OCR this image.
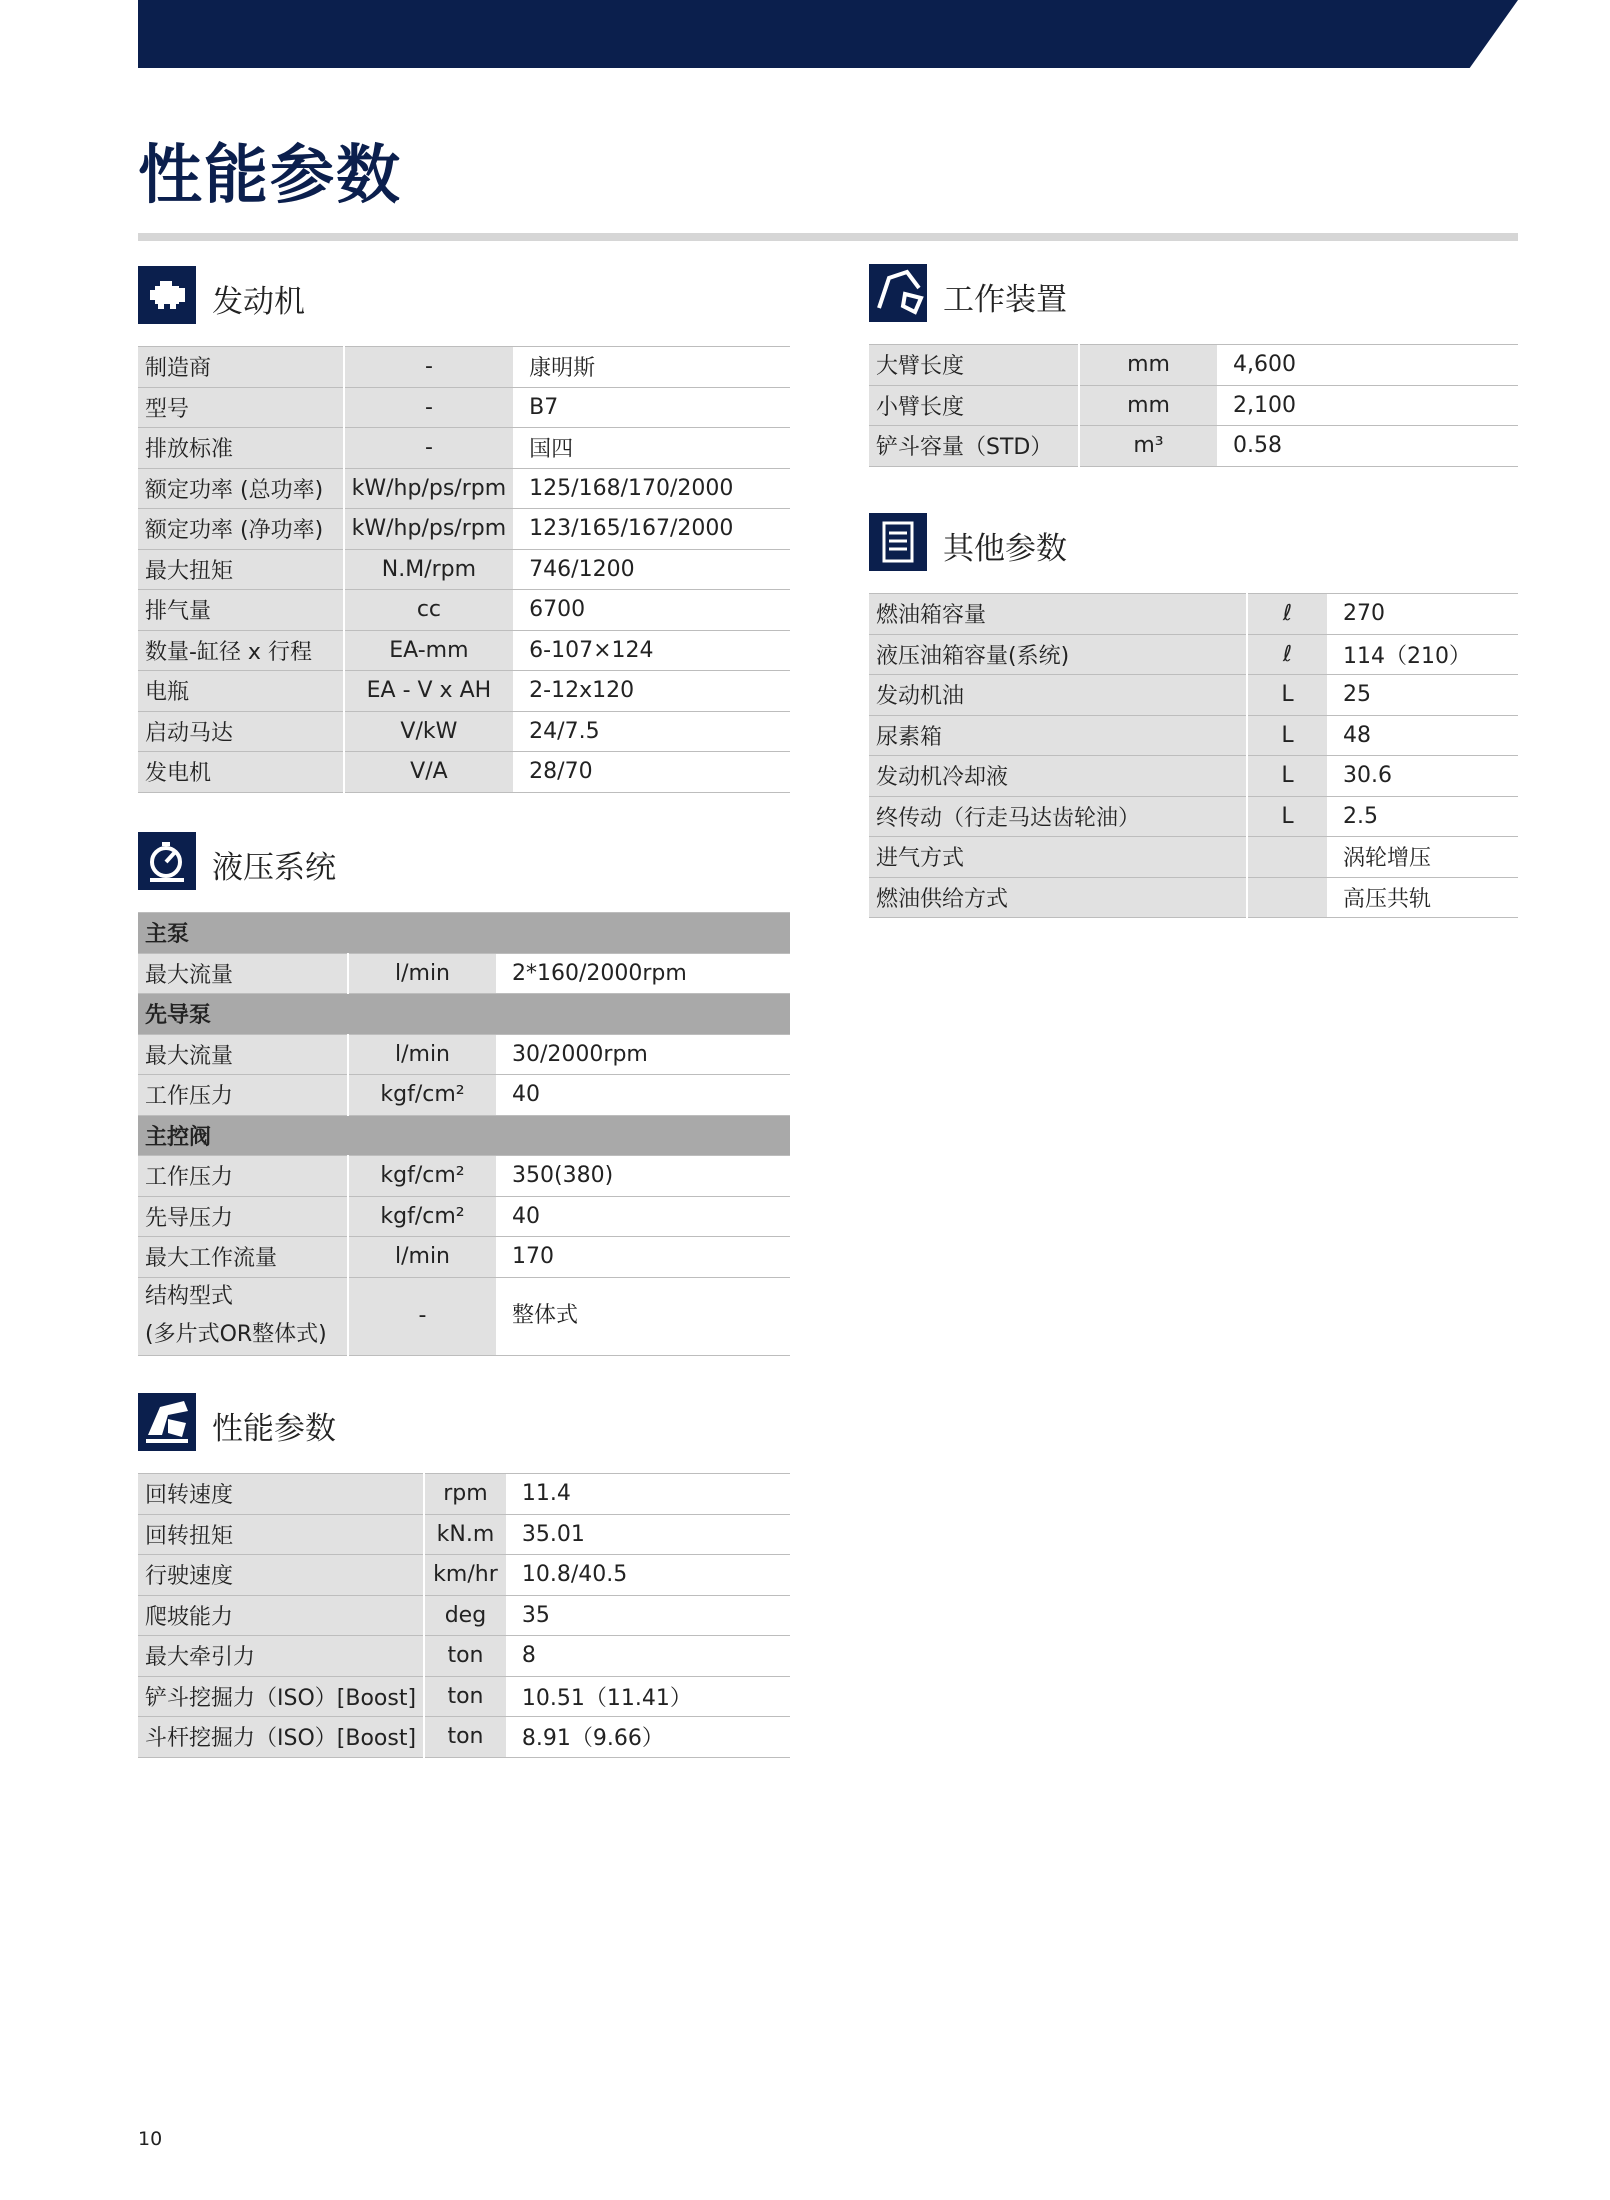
性能参数
发动机
制造商	-	康明斯
型号	-	B7
排放标准	-	国四
额定功率 (总功率)	kW/hp/ps/rpm	125/168/170/2000
额定功率 (净功率)	kW/hp/ps/rpm	123/165/167/2000
最大扭矩	N.M/rpm	746/1200
排气量	cc	6700
数量-缸径 x 行程	EA-mm	6-107×124
电瓶	EA - V x AH	2-12x120
启动马达	V/kW	24/7.5
发电机	V/A	28/70
液压系统
主泵		
最大流量	l/min	2*160/2000rpm
先导泵		
最大流量	l/min	30/2000rpm
工作压力	kgf/cm²	40
主控阀		
工作压力	kgf/cm²	350(380)
先导压力	kgf/cm²	40
最大工作流量	l/min	170

结构型式
(多片式OR整体式)	-	整体式
性能参数
回转速度	rpm	11.4
回转扭矩	kN.m	35.01
行驶速度	km/hr	10.8/40.5
爬坡能力	deg	35
最大牵引力	ton	8
铲斗挖掘力（ISO）[Boost]	ton	10.51（11.41）
斗杆挖掘力（ISO）[Boost]	ton	8.91（9.66）
工作装置
大臂长度	mm	4,600
小臂长度	mm	2,100
铲斗容量（STD）	m³	0.58
其他参数
燃油箱容量	ℓ	270
液压油箱容量(系统)	ℓ	114（210）
发动机油	L	25
尿素箱	L	48
发动机冷却液	L	30.6
终传动（行走马达齿轮油）	L	2.5
进气方式		涡轮增压
燃油供给方式		高压共轨
10
